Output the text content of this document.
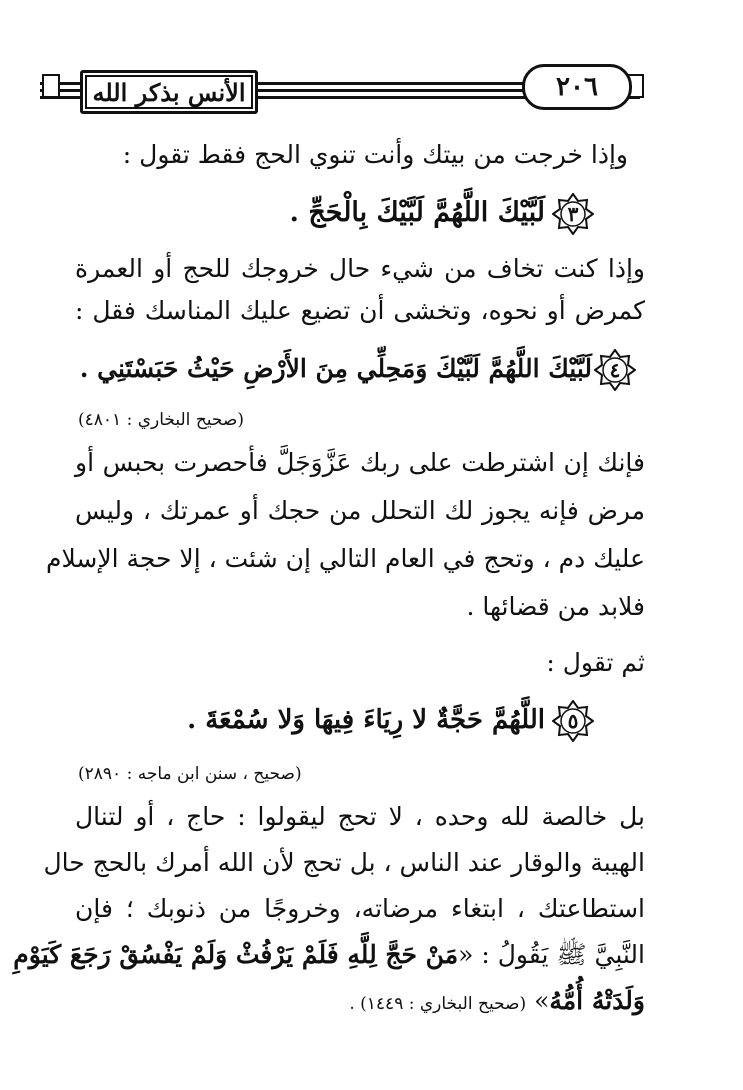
الأنس بذكر الله	٢٠٦
وإذا خرجت من بيتك وأنت تنوي الحج فقط تقول :
٣
لَبَّيْكَ اللَّهُمَّ لَبَّيْكَ بِالْحَجِّ .
وإذا كنت تخاف من شيء حال خروجك للحج أو العمرة
كمرض أو نحوه، وتخشى أن تضيع عليك المناسك فقل :
٤
لَبَّيْكَ اللَّهُمَّ لَبَّيْكَ وَمَحِلِّي مِنَ الأَرْضِ حَيْثُ حَبَسْتَنِي .
(صحيح البخاري : ٤٨٠١)
فإنك إن اشترطت على ربك عَزَّوَجَلَّ فأحصرت بحبس أو
مرض فإنه يجوز لك التحلل من حجك أو عمرتك ، وليس
عليك دم ، وتحج في العام التالي إن شئت ، إلا حجة الإسلام
فلابد من قضائها .
ثم تقول :
٥
اللَّهُمَّ حَجَّةٌ لا رِيَاءَ فِيهَا وَلا سُمْعَةَ .
(صحيح ، سنن ابن ماجه : ٢٨٩٠)
بل خالصة لله وحده ، لا تحج ليقولوا : حاج ، أو لتنال
الهيبة والوقار عند الناس ، بل تحج لأن الله أمرك بالحج حال
استطاعتك ، ابتغاء مرضاته، وخروجًا من ذنوبك ؛ فإن
النَّبِيَّ ﷺ يَقُولُ : «مَنْ حَجَّ لِلَّهِ فَلَمْ يَرْفُثْ وَلَمْ يَفْسُقْ رَجَعَ كَيَوْمِ
وَلَدَتْهُ أُمُّهُ» (صحيح البخاري : ١٤٤٩) .
